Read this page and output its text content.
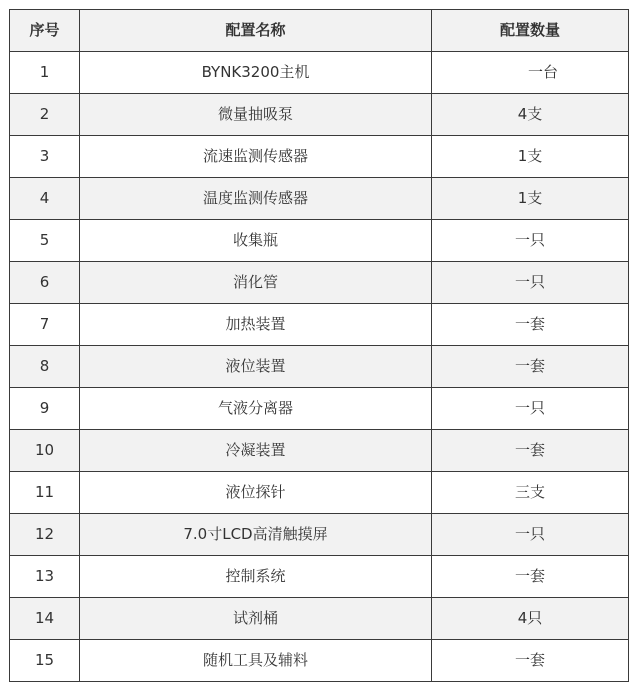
序号	配置名称	配置数量
1	BYNK3200主机	一台
2	微量抽吸泵	4支
3	流速监测传感器	1支
4	温度监测传感器	1支
5	收集瓶	一只
6	消化管	一只
7	加热装置	一套
8	液位装置	一套
9	气液分离器	一只
10	冷凝装置	一套
11	液位探针	三支
12	7.0寸LCD高清触摸屏	一只
13	控制系统	一套
14	试剂桶	4只
15	随机工具及辅料	一套
